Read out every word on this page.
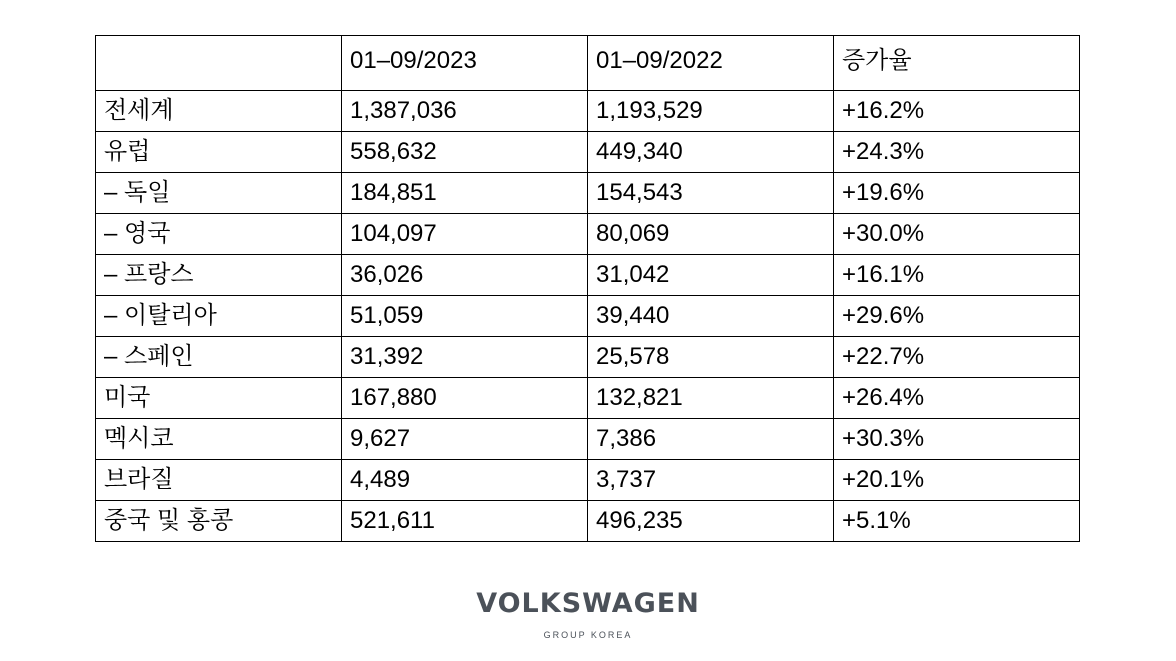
	01–09/2023	01–09/2022	증가율
전세계	1,387,036	1,193,529	+16.2%
유럽	558,632	449,340	+24.3%
– 독일	184,851	154,543	+19.6%
– 영국	104,097	80,069	+30.0%
– 프랑스	36,026	31,042	+16.1%
– 이탈리아	51,059	39,440	+29.6%
– 스페인	31,392	25,578	+22.7%
미국	167,880	132,821	+26.4%
멕시코	9,627	7,386	+30.3%
브라질	4,489	3,737	+20.1%
중국 및 홍콩	521,611	496,235	+5.1%
VOLKSWAGEN
GROUP KOREA
